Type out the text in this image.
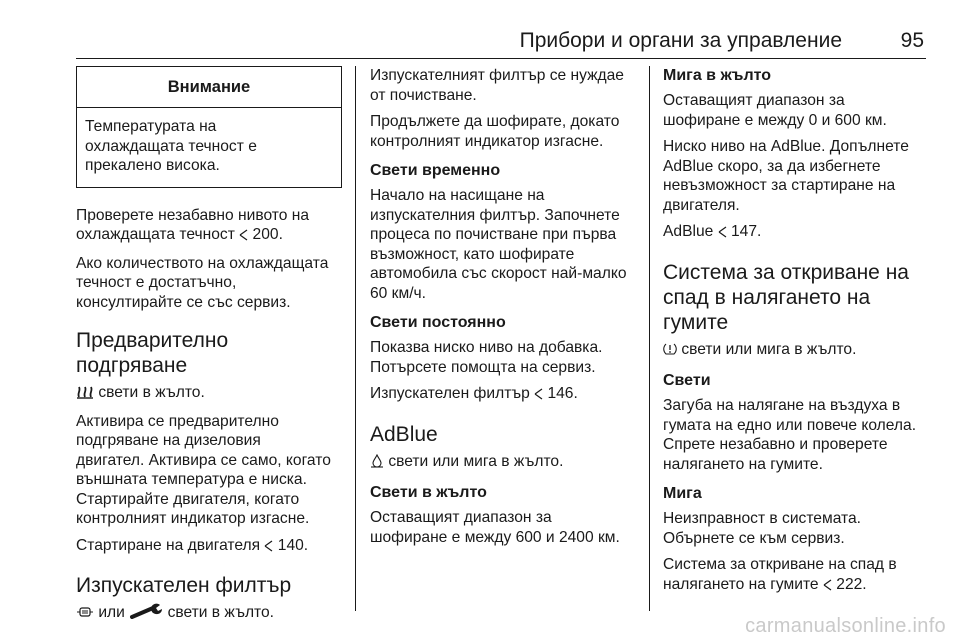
Прибори и органи за управление	95
Внимание
Температурата на
охлаждащата течност е
прекалено висока.

Проверете незабавно нивото на
охлаждащата течност  200.

Ако количеството на охлаждащата
течност е достатъчно,
консултирайте се със сервиз.

Предварително
подгряване

свети в жълто.

Активира се предварително
подгряване на дизеловия
двигател. Активира се само, когато
външната температура е ниска.
Стартирайте двигателя, когато
контролният индикатор изгасне.

Стартиране на двигателя  140.

Изпускателен филтър

или	свети в жълто.

Изпускателният филтър се нуждае
от почистване.

Продължете да шофирате, докато
контролният индикатор изгасне.

Свети временно

Начало на насищане на
изпускателния филтър. Започнете
процеса по почистване при първа
възможност, като шофирате
автомобила със скорост най-малко
60 км/ч.

Свети постоянно

Показва ниско ниво на добавка.
Потърсете помощта на сервиз.

Изпускателен филтър  146.

AdBlue

свети или мига в жълто.

Свети в жълто

Оставащият диапазон за
шофиране е между 600 и 2400 км.

Мига в жълто

Оставащият диапазон за
шофиране е между 0 и 600 км.

Ниско ниво на AdBlue. Допълнете
AdBlue скоро, за да избегнете
невъзможност за стартиране на
двигателя.

AdBlue  147.

Система за откриване на
спад в налягането на
гумите

свети или мига в жълто.

Свети

Загуба на налягане на въздуха в
гумата на едно или повече колела.
Спрете незабавно и проверете
налягането на гумите.

Мига

Неизправност в системата.
Обърнете се към сервиз.

Система за откриване на спад в
налягането на гумите  222.

carmanualsonline.info
